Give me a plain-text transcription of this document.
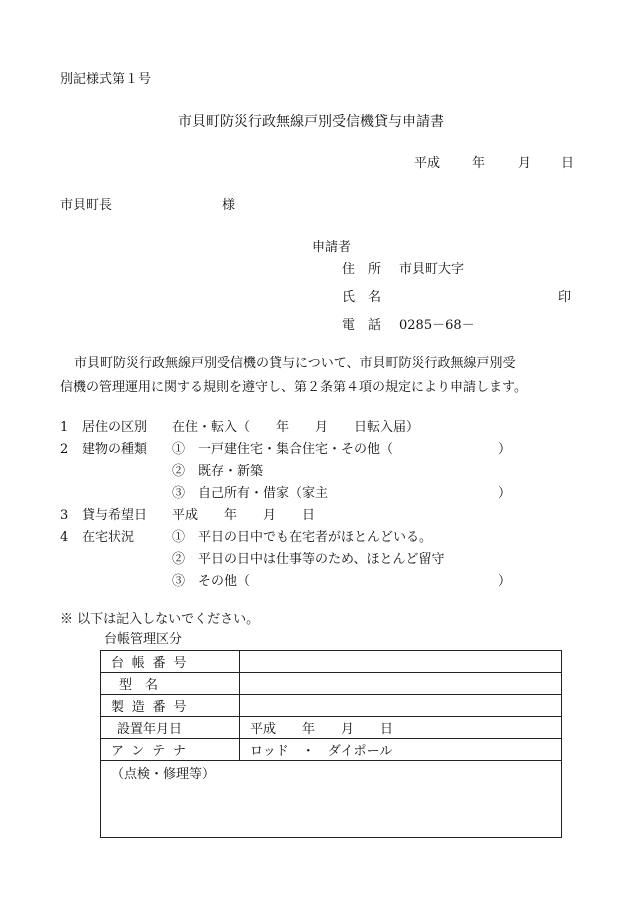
別記様式第１号
市貝町防災行政無線戸別受信機貸与申請書
平成 年	月 日
市貝町長	様
申請者
住　所 市貝町大字
氏　名	印
電　話 0285－68－
市貝町防災行政無線戸別受信機の貸与について、市貝町防災行政無線戸別受
信機の管理運用に関する規則を遵守し、第２条第４項の規定により申請します。
1 居住の区別 在住・転入（　　年　　月　　日転入届）
2 建物の種類 ①　一戸建住宅・集合住宅・その他（	）
②　既存・新築
③　自己所有・借家（家主	）
3 貸与希望日 平成　　年　　月　　日
4 在宅状況	①　平日の日中でも在宅者がほとんどいる。
②　平日の日中は仕事等のため、ほとんど留守
③　その他（	）
※ 以下は記入しないでください。
台帳管理区分
台帳番号	
型　名	
製造番号	
設置年月日	平成　　年　　月　　日
アンテナ	ロッド　・　ダイポール
（点検・修理等）	
